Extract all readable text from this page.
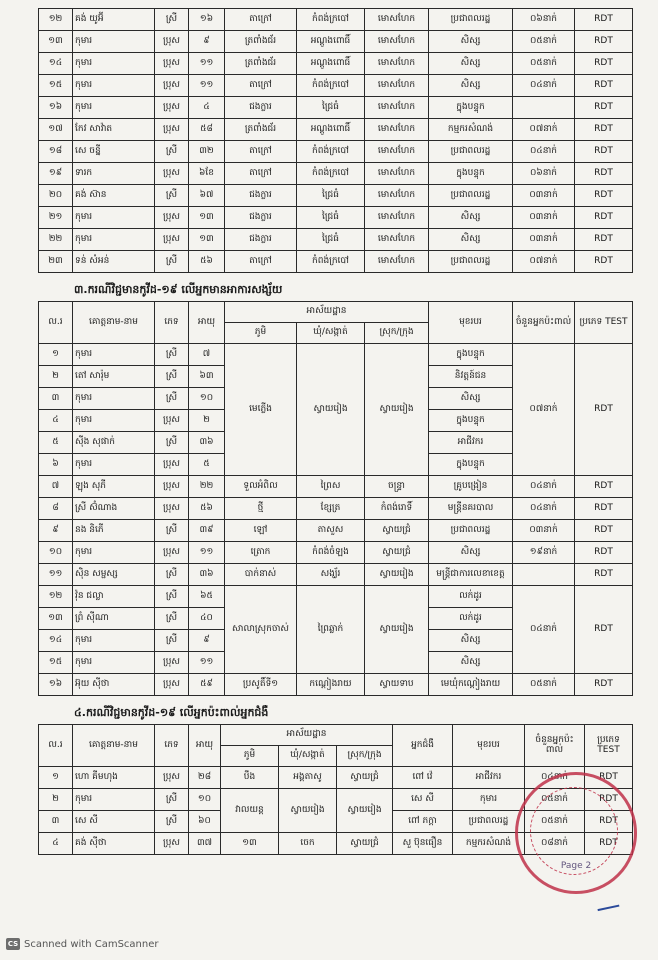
១២	គង់ យូអ៊ី	ស្រី	១៦	តាក្រៅ	កំពង់ក្របៅ	មោសហែក	ប្រជាពលរដ្ឋ	០៦នាក់	RDT
១៣	កុមារ	ប្រុស	៩	ត្រពាំងជ័រ	អណ្ដូងពោធិ៍	មោសហែក	សិស្ស	០៥នាក់	RDT
១៤	កុមារ	ប្រុស	១១	ត្រពាំងជ័រ	អណ្ដូងពោធិ៍	មោសហែក	សិស្ស	០៥នាក់	RDT
១៥	កុមារ	ប្រុស	១១	តាក្រៅ	កំពង់ក្របៅ	មោសហែក	សិស្ស	០៤នាក់	RDT
១៦	កុមារ	ប្រុស	៤	ជងក្លារ	ជ្រៃធំ	មោសហែក	ក្នុងបន្ទុក		RDT
១៧	កែវ សាវ៉ាត	ប្រុស	៥៨	ត្រពាំងជ័រ	អណ្ដូងពោធិ៍	មោសហែក	កម្មករសំណង់	០៧នាក់	RDT
១៨	សេ ចន្នី	ស្រី	៣២	តាក្រៅ	កំពង់ក្របៅ	មោសហែក	ប្រជាពលរដ្ឋ	០៤នាក់	RDT
១៩	ទារក	ប្រុស	៦ខែ	តាក្រៅ	កំពង់ក្របៅ	មោសហែក	ក្នុងបន្ទុក	០៦នាក់	RDT
២០	គង់ ស៊ាន	ស្រី	៦៧	ជងក្លារ	ជ្រៃធំ	មោសហែក	ប្រជាពលរដ្ឋ	០៣នាក់	RDT
២១	កុមារ	ប្រុស	១៣	ជងក្លារ	ជ្រៃធំ	មោសហែក	សិស្ស	០៣នាក់	RDT
២២	កុមារ	ប្រុស	១៣	ជងក្លារ	ជ្រៃធំ	មោសហែក	សិស្ស	០៣នាក់	RDT
២៣	ទន់ សំអន់	ស្រី	៥៦	តាក្រៅ	កំពង់ក្របៅ	មោសហែក	ប្រជាពលរដ្ឋ	០៧នាក់	RDT
៣.ករណីវិជ្ជមានកូវីដ-១៩ លើអ្នកមានអាការសង្ស័យ
ល.រ	គោត្តនាម-នាម	ភេទ	អាយុ	អាស័យដ្ឋាន			មុខរបរ	ចំនួនអ្នកប៉ះពាល់	ប្រភេទ TEST
				ភូមិ	ឃុំ/សង្កាត់	ស្រុក/ក្រុង			
១	កុមារ	ស្រី	៧	មេភ្លើង	ស្វាយរៀង	ស្វាយរៀង	ក្នុងបន្ទុក	០៧នាក់	RDT
២	តៅ សារ៉ុម	ស្រី	៦៣				និវត្តន៍ជន		
៣	កុមារ	ស្រី	១០				សិស្ស		
៤	កុមារ	ប្រុស	២				ក្នុងបន្ទុក		
៥	ស៊ីង សុផាក់	ស្រី	៣៦				អាជីវករ		
៦	កុមារ	ប្រុស	៥				ក្នុងបន្ទុក		
៧	ឡុង សុភី	ប្រុស	២២	ទួលអំពិល	ព្រៃស	ចន្ទ្រា	គ្រូបង្រៀន	០៤នាក់	RDT
៨	ស្រី ស៊ំណាង	ប្រុស	៥៦	ថ្មី	ខ្សែត្រ	កំពង់រោទិ៍	មន្ត្រីនគរបាល	០៤នាក់	RDT
៩	នង និភើ	ស្រី	៣៩	ឡៅ	តាសួស	ស្វាយជ្រំ	ប្រជាពលរដ្ឋ	០៣នាក់	RDT
១០	កុមារ	ប្រុស	១១	ត្រោក	កំពង់ចំឡង	ស្វាយជ្រំ	សិស្ស	១៩នាក់	RDT
១១	ស៊ិន សម្ផស្ស	ស្រី	៣៦	បាក់នាស់	សង្ឃ័រ	ស្វាយរៀង	មន្ត្រីជាការលេខាខេត្ត		RDT
១២	វ៉ុន ជល្លា	ស្រី	៦៥	សាលាស្រុកចាស់	ព្រៃឆ្លាក់	ស្វាយរៀង	លក់ដូរ	០៤នាក់	RDT
១៣	ព្រំ ស៊ីណា	ស្រី	៤០				លក់ដូរ		
១៤	កុមារ	ស្រី	៩				សិស្ស		
១៥	កុមារ	ប្រុស	១១				សិស្ស		
១៦	អ៊ុយ ស៊ីថា	ប្រុស	៥៩	ប្រសូតិ៍ទី១	កណ្ដៀងរាយ	ស្វាយទាប	មេឃុំកណ្ដៀងរាយ	០៥នាក់	RDT
៤.ករណីវិជ្ជមានកូវីដ-១៩ លើអ្នកប៉ះពាល់អ្នកជំងឺ
ល.រ	គោត្តនាម-នាម	ភេទ	អាយុ	អាស័យដ្ឋាន			អ្នកជំងឺ	មុខរបរ	ចំនួនអ្នកប៉ះពាល់	ប្រភេទ TEST
				ភូមិ	ឃុំ/សង្កាត់	ស្រុក/ក្រុង				
១	ហោ គីមហុង	ប្រុស	២៨	បឹង	អង្គតាសូ	ស្វាយជ្រំ	ពៅ វ៉េ	អាជីវករ	០៤នាក់	RDT
២	កុមារ	ស្រី	១០	វាលយន្ត	ស្វាយរៀង	ស្វាយរៀង	សេ សី	កុមារ	០៥នាក់	RDT
៣	សេ សី	ស្រី	៦០				ពៅ ភក្ដា	ប្រជាពលរដ្ឋ	០៥នាក់	RDT
៤	គង់ ស៊ីថា	ប្រុស	៣៧	១៣	ចេក	ស្វាយជ្រំ	សួ ប៊ុនធឿន	កម្មករសំណង់	០៨នាក់	RDT
Page 2
CS Scanned with CamScanner
